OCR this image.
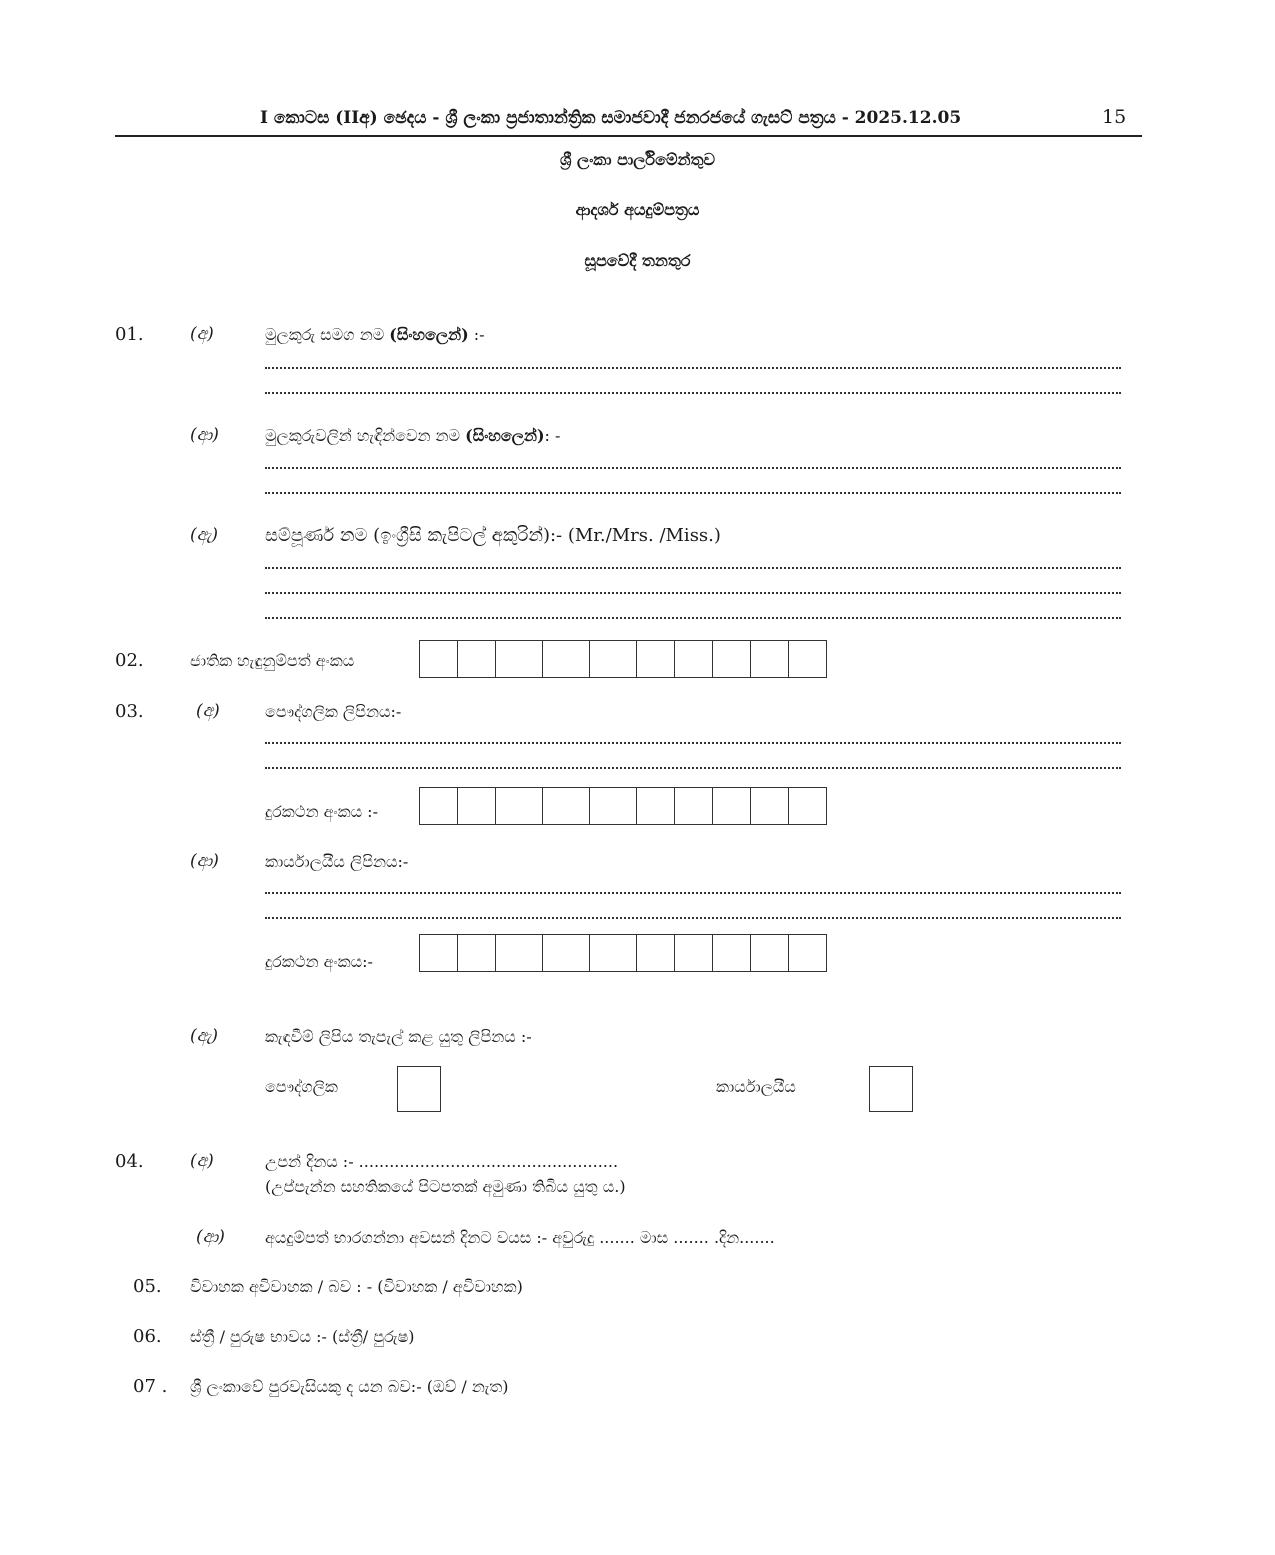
I කොටස (IIඅ) ඡෙදය - ශ්‍රී ලංකා ප්‍රජාතාන්ත්‍රික සමාජවාදී ජනරජයේ ගැසට් පත්‍රය - 2025.12.05	15
ශ්‍රී ලංකා පාර්ලිමේන්තුව
ආදර්ශ අයදුම්පත්‍රය
සූපවේදී තනතුර
01.	(අ)	මුලකුරු සමග නම (සිංහලෙන්) :-
(ආ)	මුලකුරුවලින් හැඳින්වෙන නම (සිංහලෙන්): -
(ඇ)	සම්පූර්ණ නම (ඉංග්‍රීසි කැපිටල් අකුරින්):- (Mr./Mrs. /Miss.)
02.	ජාතික හැඳුනුම්පත් අංකය
03.	(අ)	පෞද්ගලික ලිපිනය:-
දුරකථන අංකය :-
(ආ)	කාර්යාලයීය ලිපිනය:-
දුරකථන අංකය:-
(ඇ)	කැඳවීම් ලිපිය තැපැල් කළ යුතු ලිපිනය :-
පෞද්ගලික	කාර්යාලයීය
04.	(අ)	උපන් දිනය :- ...................................................
(උප්පැන්න සහතිකයේ පිටපතක් අමුණා තිබිය යුතු ය.)
(ආ)	අයදුම්පත් භාරගන්නා අවසන් දිනට වයස :- අවුරුදු ....... මාස ....... .දින.......
05. විවාහක අවිවාහක / බව : - (විවාහක / අවිවාහක)
06. ස්ත්‍රී / පුරුෂ භාවය :- (ස්ත්‍රී/ පුරුෂ)
07 . ශ්‍රී ලංකාවේ පුරවැසියකු ද යන බව:- (ඔව් / නැත)
